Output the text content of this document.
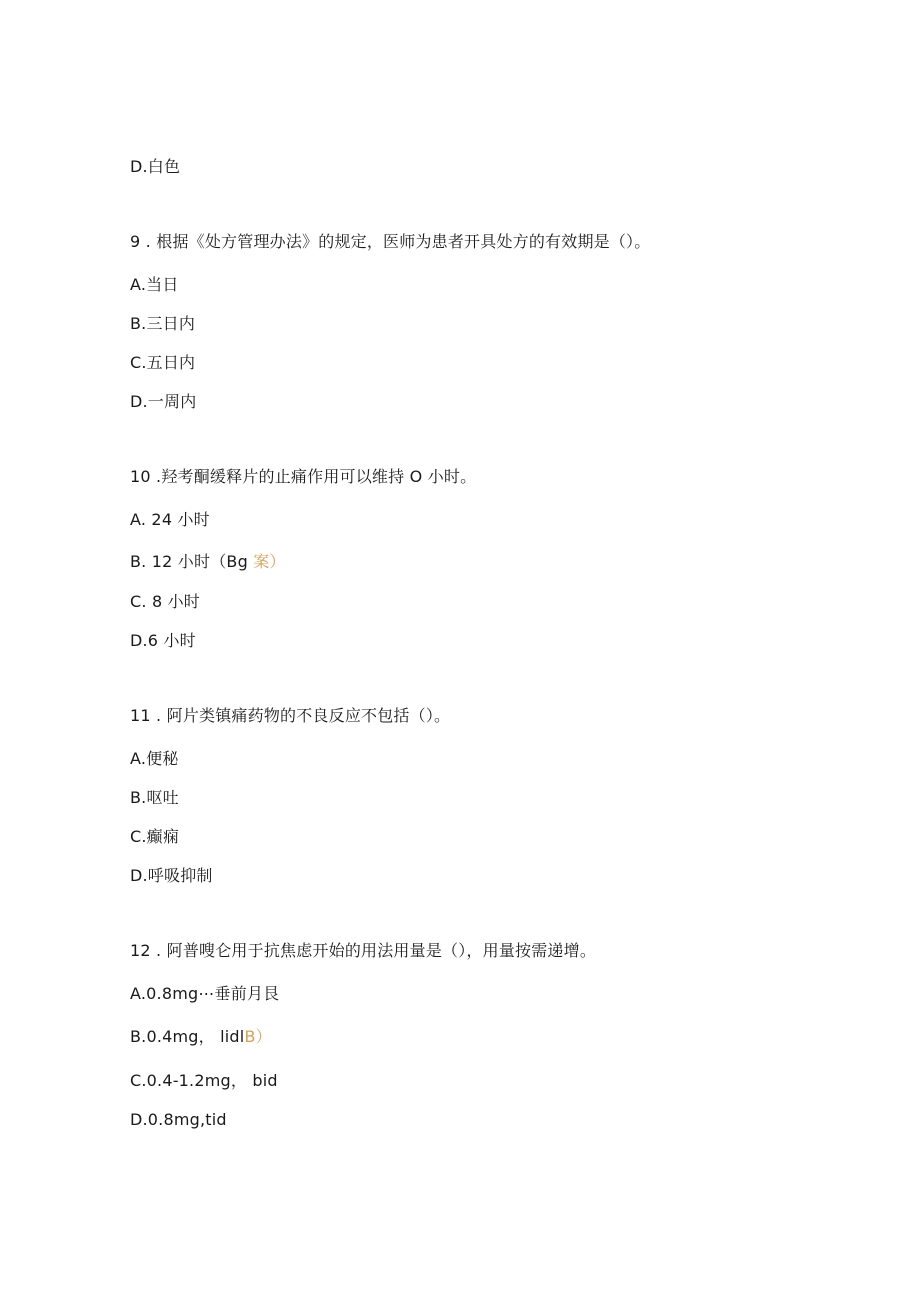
D.白色
9 . 根据《处方管理办法》的规定，医师为患者开具处方的有效期是（）。
A.当日
B.三日内
C.五日内
D.一周内
10 .羟考酮缓释片的止痛作用可以维持 O 小时。
A. 24 小时
B. 12 小时（Bg 案）
C. 8 小时
D.6 小时
11 . 阿片类镇痛药物的不良反应不包括（）。
A.便秘
B.呕吐
C.癫痫
D.呼吸抑制
12 . 阿普嗖仑用于抗焦虑开始的用法用量是（），用量按需递增。
A.0.8mg⋯垂前月艮
B.0.4mg， lidlB）
C.0.4-1.2mg， bid
D.0.8mg,tid
